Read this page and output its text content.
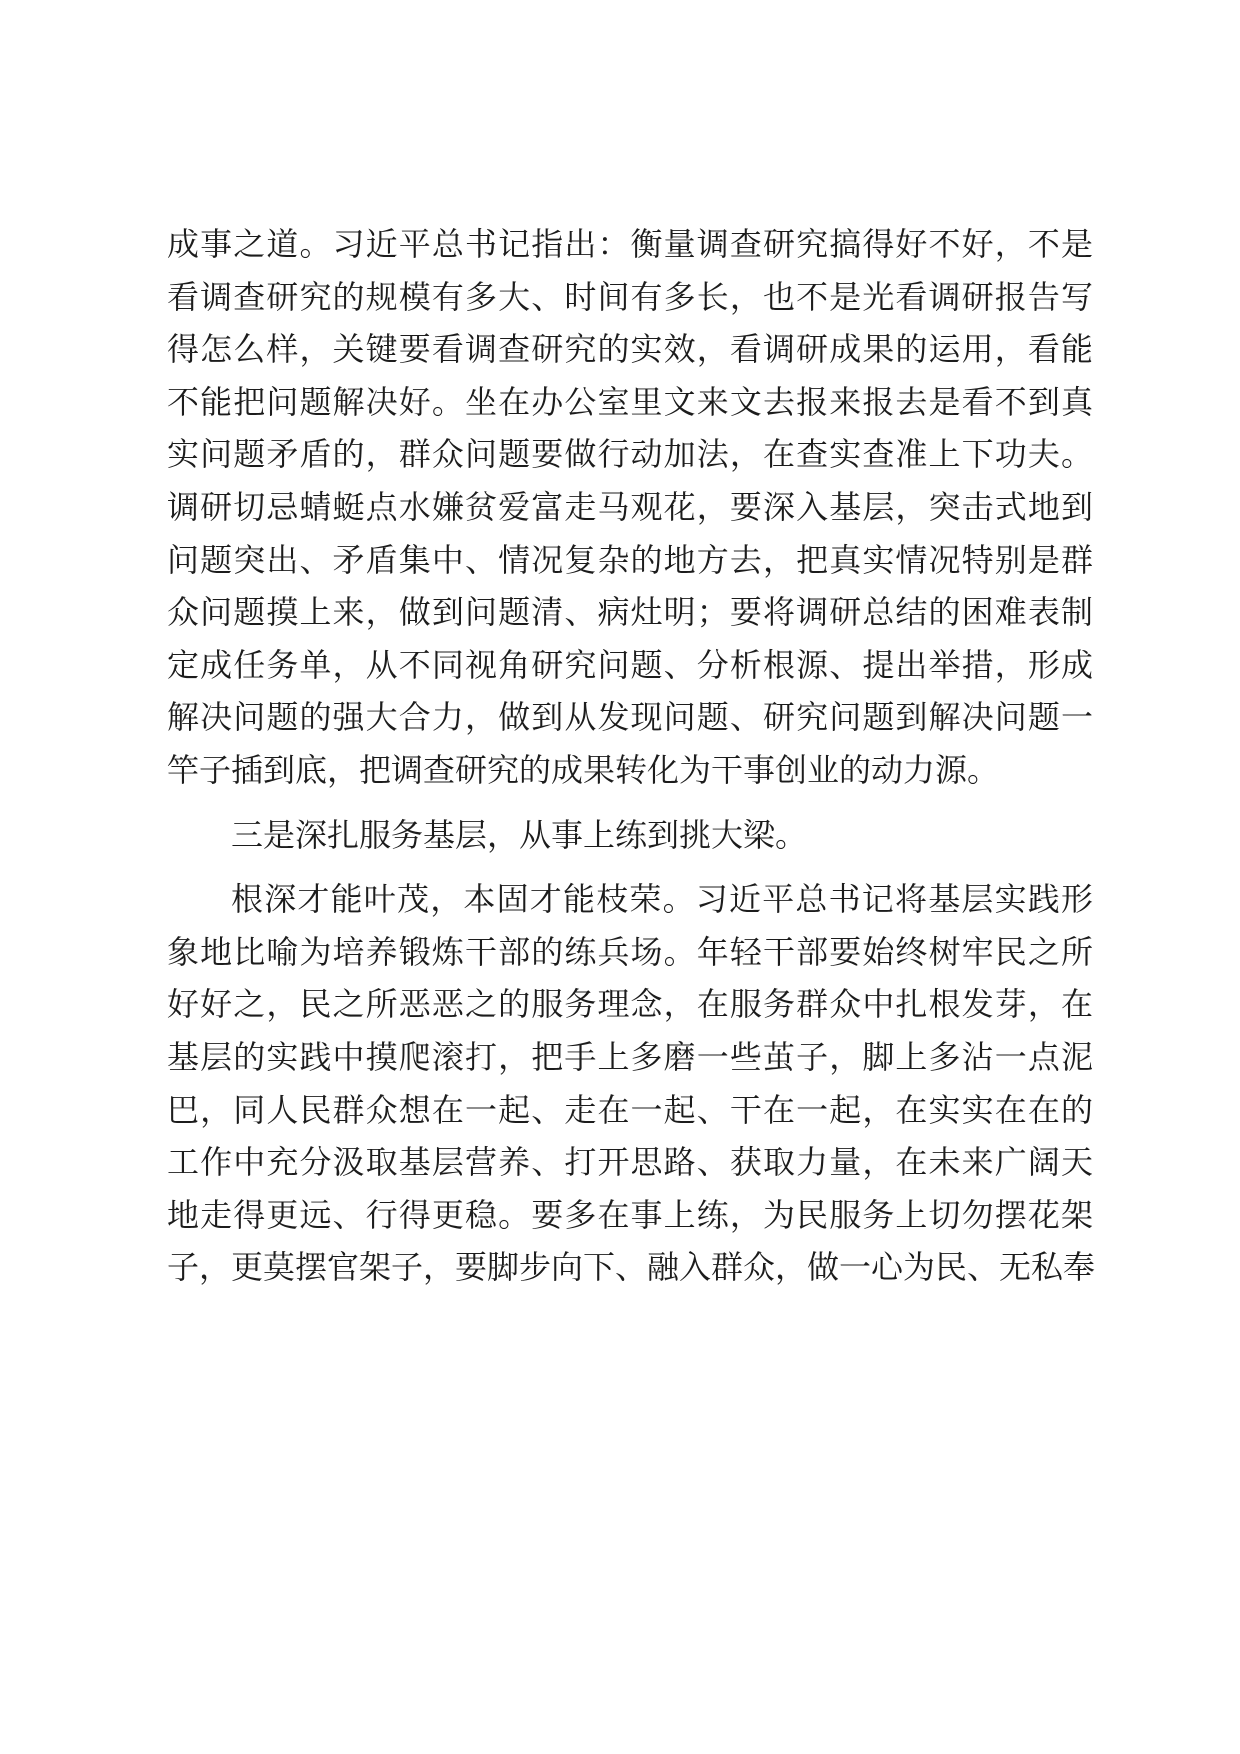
成事之道。习近平总书记指出：衡量调查研究搞得好不好，不是
看调查研究的规模有多大、时间有多长，也不是光看调研报告写
得怎么样，关键要看调查研究的实效，看调研成果的运用，看能
不能把问题解决好。坐在办公室里文来文去报来报去是看不到真
实问题矛盾的，群众问题要做行动加法，在查实查准上下功夫。
调研切忌蜻蜓点水嫌贫爱富走马观花，要深入基层，突击式地到
问题突出、矛盾集中、情况复杂的地方去，把真实情况特别是群
众问题摸上来，做到问题清、病灶明；要将调研总结的困难表制
定成任务单，从不同视角研究问题、分析根源、提出举措，形成
解决问题的强大合力，做到从发现问题、研究问题到解决问题一
竿子插到底，把调查研究的成果转化为干事创业的动力源。
三是深扎服务基层，从事上练到挑大梁。
根深才能叶茂，本固才能枝荣。习近平总书记将基层实践形
象地比喻为培养锻炼干部的练兵场。年轻干部要始终树牢民之所
好好之，民之所恶恶之的服务理念，在服务群众中扎根发芽，在
基层的实践中摸爬滚打，把手上多磨一些茧子，脚上多沾一点泥
巴，同人民群众想在一起、走在一起、干在一起，在实实在在的
工作中充分汲取基层营养、打开思路、获取力量，在未来广阔天
地走得更远、行得更稳。要多在事上练，为民服务上切勿摆花架
子，更莫摆官架子，要脚步向下、融入群众，做一心为民、无私奉
